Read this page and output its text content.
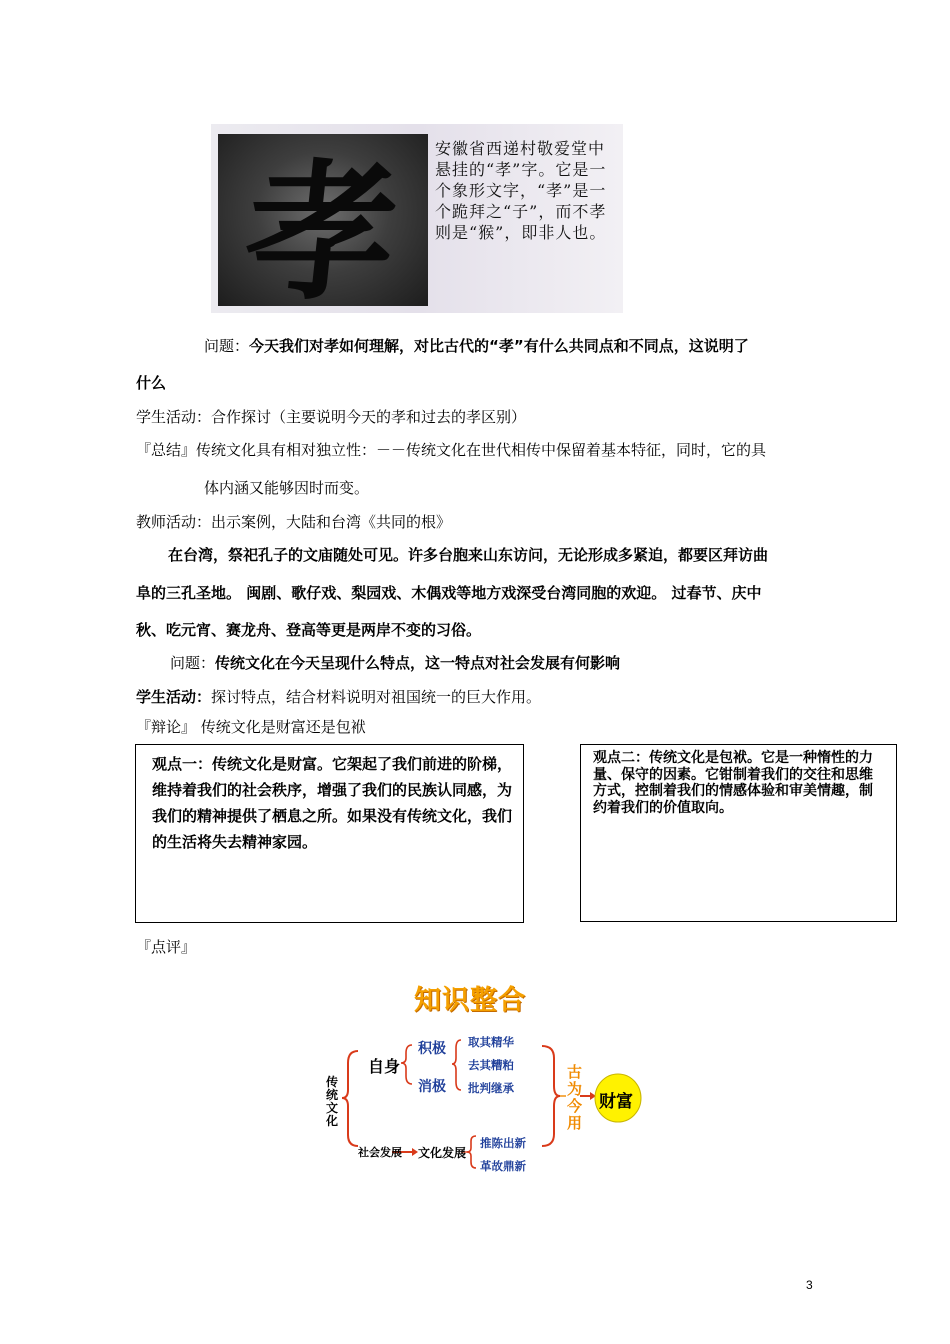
孝	安徽省西递村敬爱堂中悬挂的“孝”字。它是一个象形文字，“孝”是一个跪拜之“子”，而不孝则是“猴”，即非人也。
问题：今天我们对孝如何理解，对比古代的“孝”有什么共同点和不同点，这说明了
什么
学生活动：合作探讨（主要说明今天的孝和过去的孝区别）
『总结』传统文化具有相对独立性：－－传统文化在世代相传中保留着基本特征，同时，它的具
体内涵又能够因时而变。
教师活动：出示案例，大陆和台湾《共同的根》
在台湾，祭祀孔子的文庙随处可见。许多台胞来山东访问，无论形成多紧迫，都要区拜访曲
阜的三孔圣地。 闽剧、歌仔戏、梨园戏、木偶戏等地方戏深受台湾同胞的欢迎。 过春节、庆中
秋、吃元宵、赛龙舟、登高等更是两岸不变的习俗。
问题：传统文化在今天呈现什么特点，这一特点对社会发展有何影响
学生活动：探讨特点，结合材料说明对祖国统一的巨大作用。
『辩论』 传统文化是财富还是包袱

观点一：传统文化是财富。它架起了我们前进的阶梯，维持着我们的社会秩序，增强了我们的民族认同感，为我们的精神提供了栖息之所。如果没有传统文化，我们的生活将失去精神家园。

观点二：传统文化是包袱。它是一种惰性的力量、保守的因素。它钳制着我们的交往和思维方式，控制着我们的情感体验和审美情趣，制约着我们的价值取向。

『点评』
知识整合
传统文化
自身
积极
消极
取其精华
去其糟粕
批判继承
社会发展 文化发展
推陈出新
革故鼎新
古为今用
财富
3
